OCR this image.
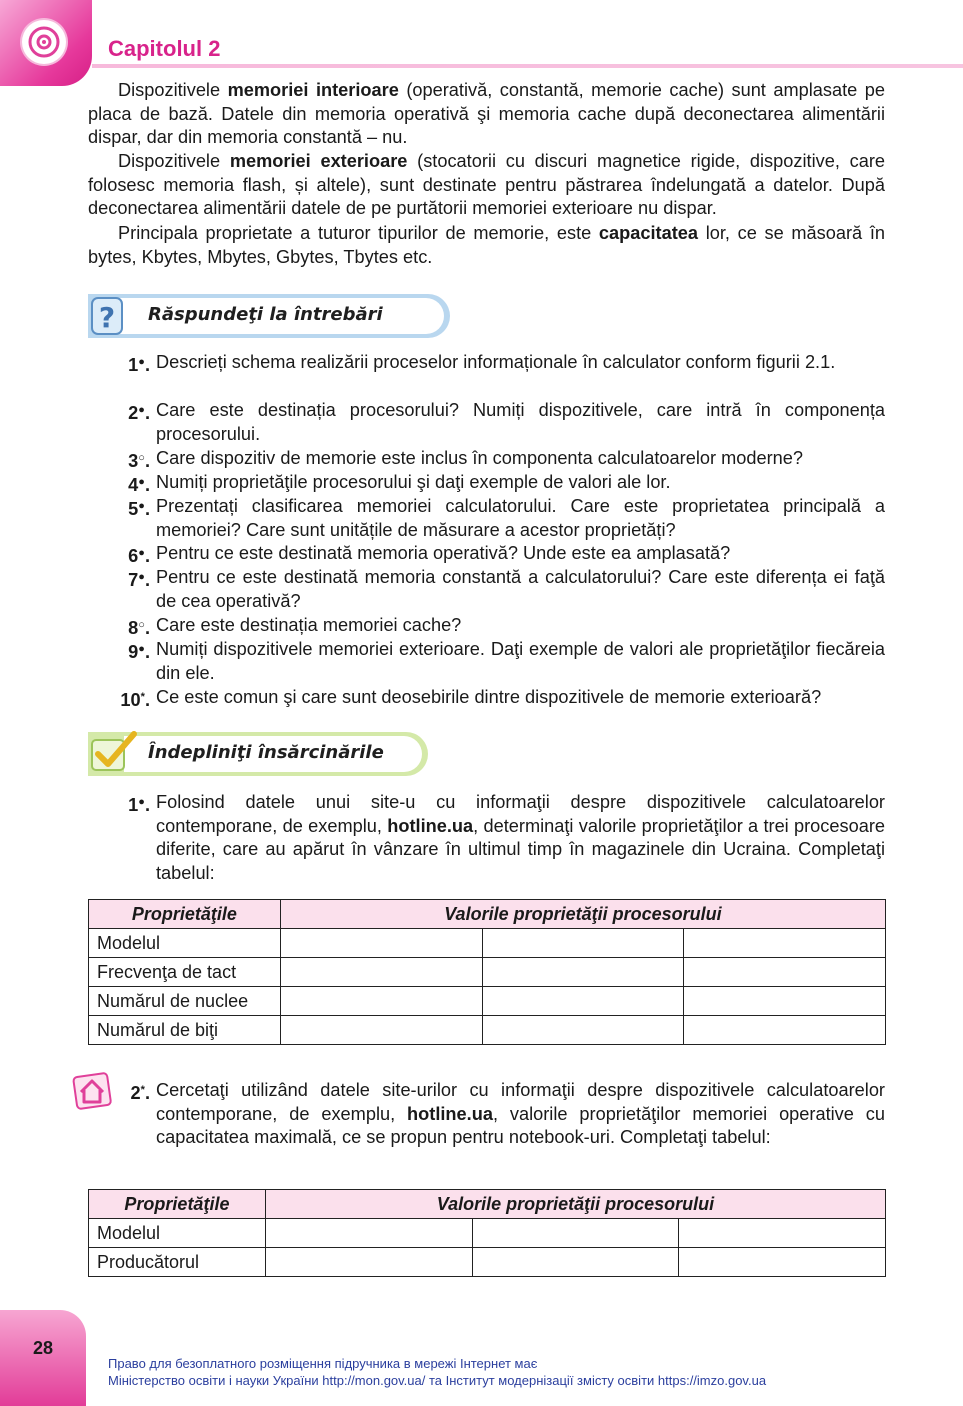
Capitolul 2

Dispozitivele memoriei interioare (operativă, constantă, memorie cache) sunt amplasate pe placa de bază. Datele din memoria operativă şi memoria cache după deconectarea alimentării dispar, dar din memoria constantă – nu.

Dispozitivele memoriei exterioare (stocatorii cu discuri magnetice rigide, dispozitive, care folosesc memoria flash, și altele), sunt destinate pentru păstrarea îndelungată a datelor. După deconectarea alimentării datele de pe purtătorii memoriei exterioare nu dispar.

Principala proprietate a tuturor tipurilor de memorie, este capacitatea lor, ce se măsoară în bytes, Kbytes, Mbytes, Gbytes, Tbytes etc.

Răspundeţi la întrebări
?
1●. Descrieți schema realizării proceselor informaționale în calculator conform figurii 2.1.
2●. Care este destinația procesorului? Numiți dispozitivele, care intră în componența procesorului.
3○. Care dispozitiv de memorie este inclus în componenta calculatoarelor moderne?
4●. Numiți proprietăţile procesorului şi daţi exemple de valori ale lor.
5●. Prezentați clasificarea memoriei calculatorului. Care este proprietatea principală a memoriei? Care sunt unitățile de măsurare a acestor proprietăți?
6●. Pentru ce este destinată memoria operativă? Unde este ea amplasată?
7●. Pentru ce este destinată memoria constantă a calculatorului? Care este diferența ei faţă de cea operativă?
8○. Care este destinația memoriei cache?
9●. Numiți dispozitivele memoriei exterioare. Daţi exemple de valori ale proprietăţilor fiecăreia din ele.
10*. Ce este comun şi care sunt deosebirile dintre dispozitivele de memorie exterioară?
Îndepliniţi însărcinările
1●. Folosind datele unui site-u cu informaţii despre dispozitivele calculatoarelor contemporane, de exemplu, hotline.ua, determinaţi valorile proprietăţilor a trei procesoare diferite, care au apărut în vânzare în ultimul timp în magazinele din Ucraina. Completaţi tabelul:
Proprietăţile	Valorile proprietăţii procesorului		
Modelul			
Frecvenţa de tact			
Numărul de nuclee			
Numărul de biţi			
2*. Cercetaţi utilizând datele site-urilor cu informaţii despre dispozitivele calculatoarelor contemporane, de exemplu, hotline.ua, valorile proprietăţilor memoriei operative cu capacitatea maximală, ce se propun pentru notebook-uri. Completaţi tabelul:
Proprietăţile	Valorile proprietăţii procesorului		
Modelul			
Producătorul			
28
Право для безоплатного розміщення підручника в мережі Інтернет має
Міністерство освіти і науки України http://mon.gov.ua/ та Інститут модернізації змісту освіти https://imzo.gov.ua
